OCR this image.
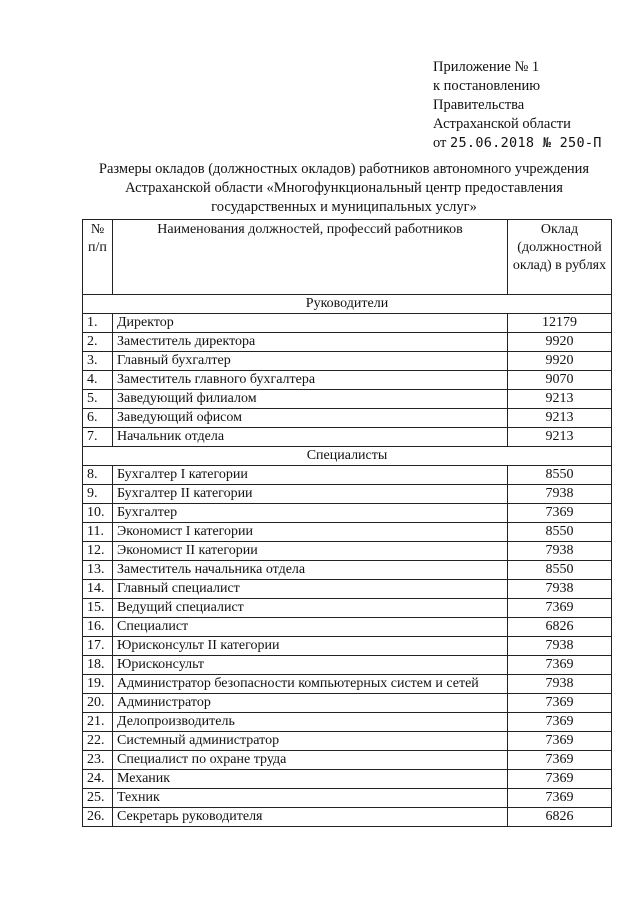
Приложение № 1
к постановлению
Правительства
Астраханской области
от 25.06.2018 № 250-П
Размеры окладов (должностных окладов) работников автономного учреждения Астраханской области «Многофункциональный центр предоставления государственных и муниципальных услуг»
№ п/п	Наименования должностей, профессий работников	Оклад (должностной оклад) в рублях
Руководители		
1.	Директор	12179
2.	Заместитель директора	9920
3.	Главный бухгалтер	9920
4.	Заместитель главного бухгалтера	9070
5.	Заведующий филиалом	9213
6.	Заведующий офисом	9213
7.	Начальник отдела	9213
Специалисты		
8.	Бухгалтер I категории	8550
9.	Бухгалтер II категории	7938
10.	Бухгалтер	7369
11.	Экономист I категории	8550
12.	Экономист II категории	7938
13.	Заместитель начальника отдела	8550
14.	Главный специалист	7938
15.	Ведущий специалист	7369
16.	Специалист	6826
17.	Юрисконсульт II категории	7938
18.	Юрисконсульт	7369
19.	Администратор безопасности компьютерных систем и сетей	7938
20.	Администратор	7369
21.	Делопроизводитель	7369
22.	Системный администратор	7369
23.	Специалист по охране труда	7369
24.	Механик	7369
25.	Техник	7369
26.	Секретарь руководителя	6826
